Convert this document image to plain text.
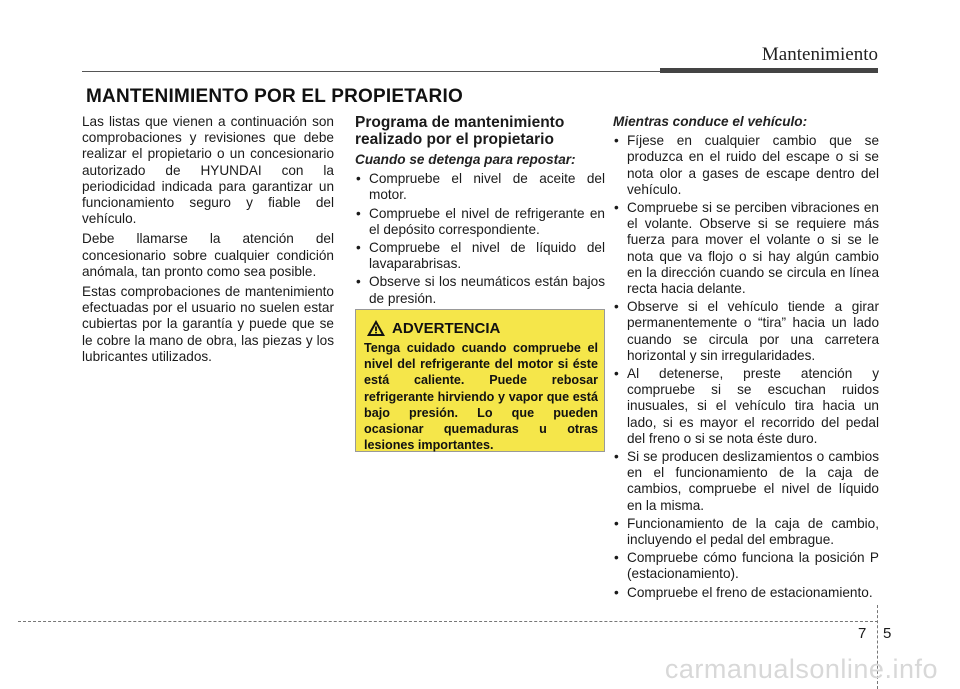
Mantenimiento
MANTENIMIENTO POR EL PROPIETARIO

Las listas que vienen a continuación son comprobaciones y revisiones que debe realizar el propietario o un concesionario autorizado de HYUNDAI con la periodicidad indicada para garantizar un funcionamiento seguro y fiable del vehículo.

Debe llamarse la atención del concesionario sobre cualquier condición anómala, tan pronto como sea posible.

Estas comprobaciones de mantenimiento efectuadas por el usuario no suelen estar cubiertas por la garantía y puede que se le cobre la mano de obra, las piezas y los lubricantes utilizados.

Programa de mantenimiento realizado por el propietario
Cuando se detenga para repostar:
• Compruebe el nivel de aceite del motor.
• Compruebe el nivel de refrigerante en el depósito correspondiente.
• Compruebe el nivel de líquido del lavaparabrisas.
• Observe si los neumáticos están bajos de presión.
ADVERTENCIA
Tenga cuidado cuando compruebe el nivel del refrigerante del motor si éste está caliente. Puede rebosar refrigerante hirviendo y vapor que está bajo presión. Lo que pueden ocasionar quemaduras u otras lesiones importantes.
Mientras conduce el vehículo:
• Fíjese en cualquier cambio que se produzca en el ruido del escape o si se nota olor a gases de escape dentro del vehículo.
• Compruebe si se perciben vibraciones en el volante. Observe si se requiere más fuerza para mover el volante o si se le nota que va flojo o si hay algún cambio en la dirección cuando se circula en línea recta hacia delante.
• Observe si el vehículo tiende a girar permanentemente o “tira” hacia un lado cuando se circula por una carretera horizontal y sin irregularidades.
• Al detenerse, preste atención y compruebe si se escuchan ruidos inusuales, si el vehículo tira hacia un lado, si es mayor el recorrido del pedal del freno o si se nota éste duro.
• Si se producen deslizamientos o cambios en el funcionamiento de la caja de cambios, compruebe el nivel de líquido en la misma.
• Funcionamiento de la caja de cambio, incluyendo el pedal del embrague.
• Compruebe cómo funciona la posición P (estacionamiento).
• Compruebe el freno de estacionamiento.
7 5
carmanualsonline.info
